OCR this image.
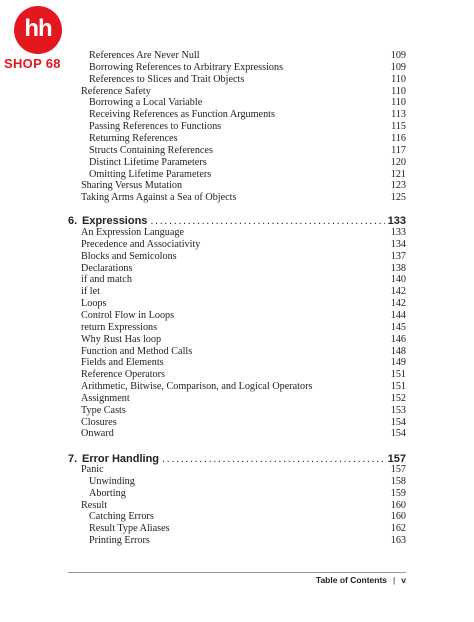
hh
SHOP 68
References Are Never Null	109
Borrowing References to Arbitrary Expressions	109
References to Slices and Trait Objects	110
Reference Safety	110
Borrowing a Local Variable	110
Receiving References as Function Arguments	113
Passing References to Functions	115
Returning References	116
Structs Containing References	117
Distinct Lifetime Parameters	120
Omitting Lifetime Parameters	121
Sharing Versus Mutation	123
Taking Arms Against a Sea of Objects	125
6. Expressions .....	133
An Expression Language	133
Precedence and Associativity	134
Blocks and Semicolons	137
Declarations	138
if and match	140
if let	142
Loops	142
Control Flow in Loops	144
return Expressions	145
Why Rust Has loop	146
Function and Method Calls	148
Fields and Elements	149
Reference Operators	151
Arithmetic, Bitwise, Comparison, and Logical Operators	151
Assignment	152
Type Casts	153
Closures	154
Onward	154
7. Error Handling .....	157
Panic	157
Unwinding	158
Aborting	159
Result	160
Catching Errors	160
Result Type Aliases	162
Printing Errors	163
Table of Contents | v
